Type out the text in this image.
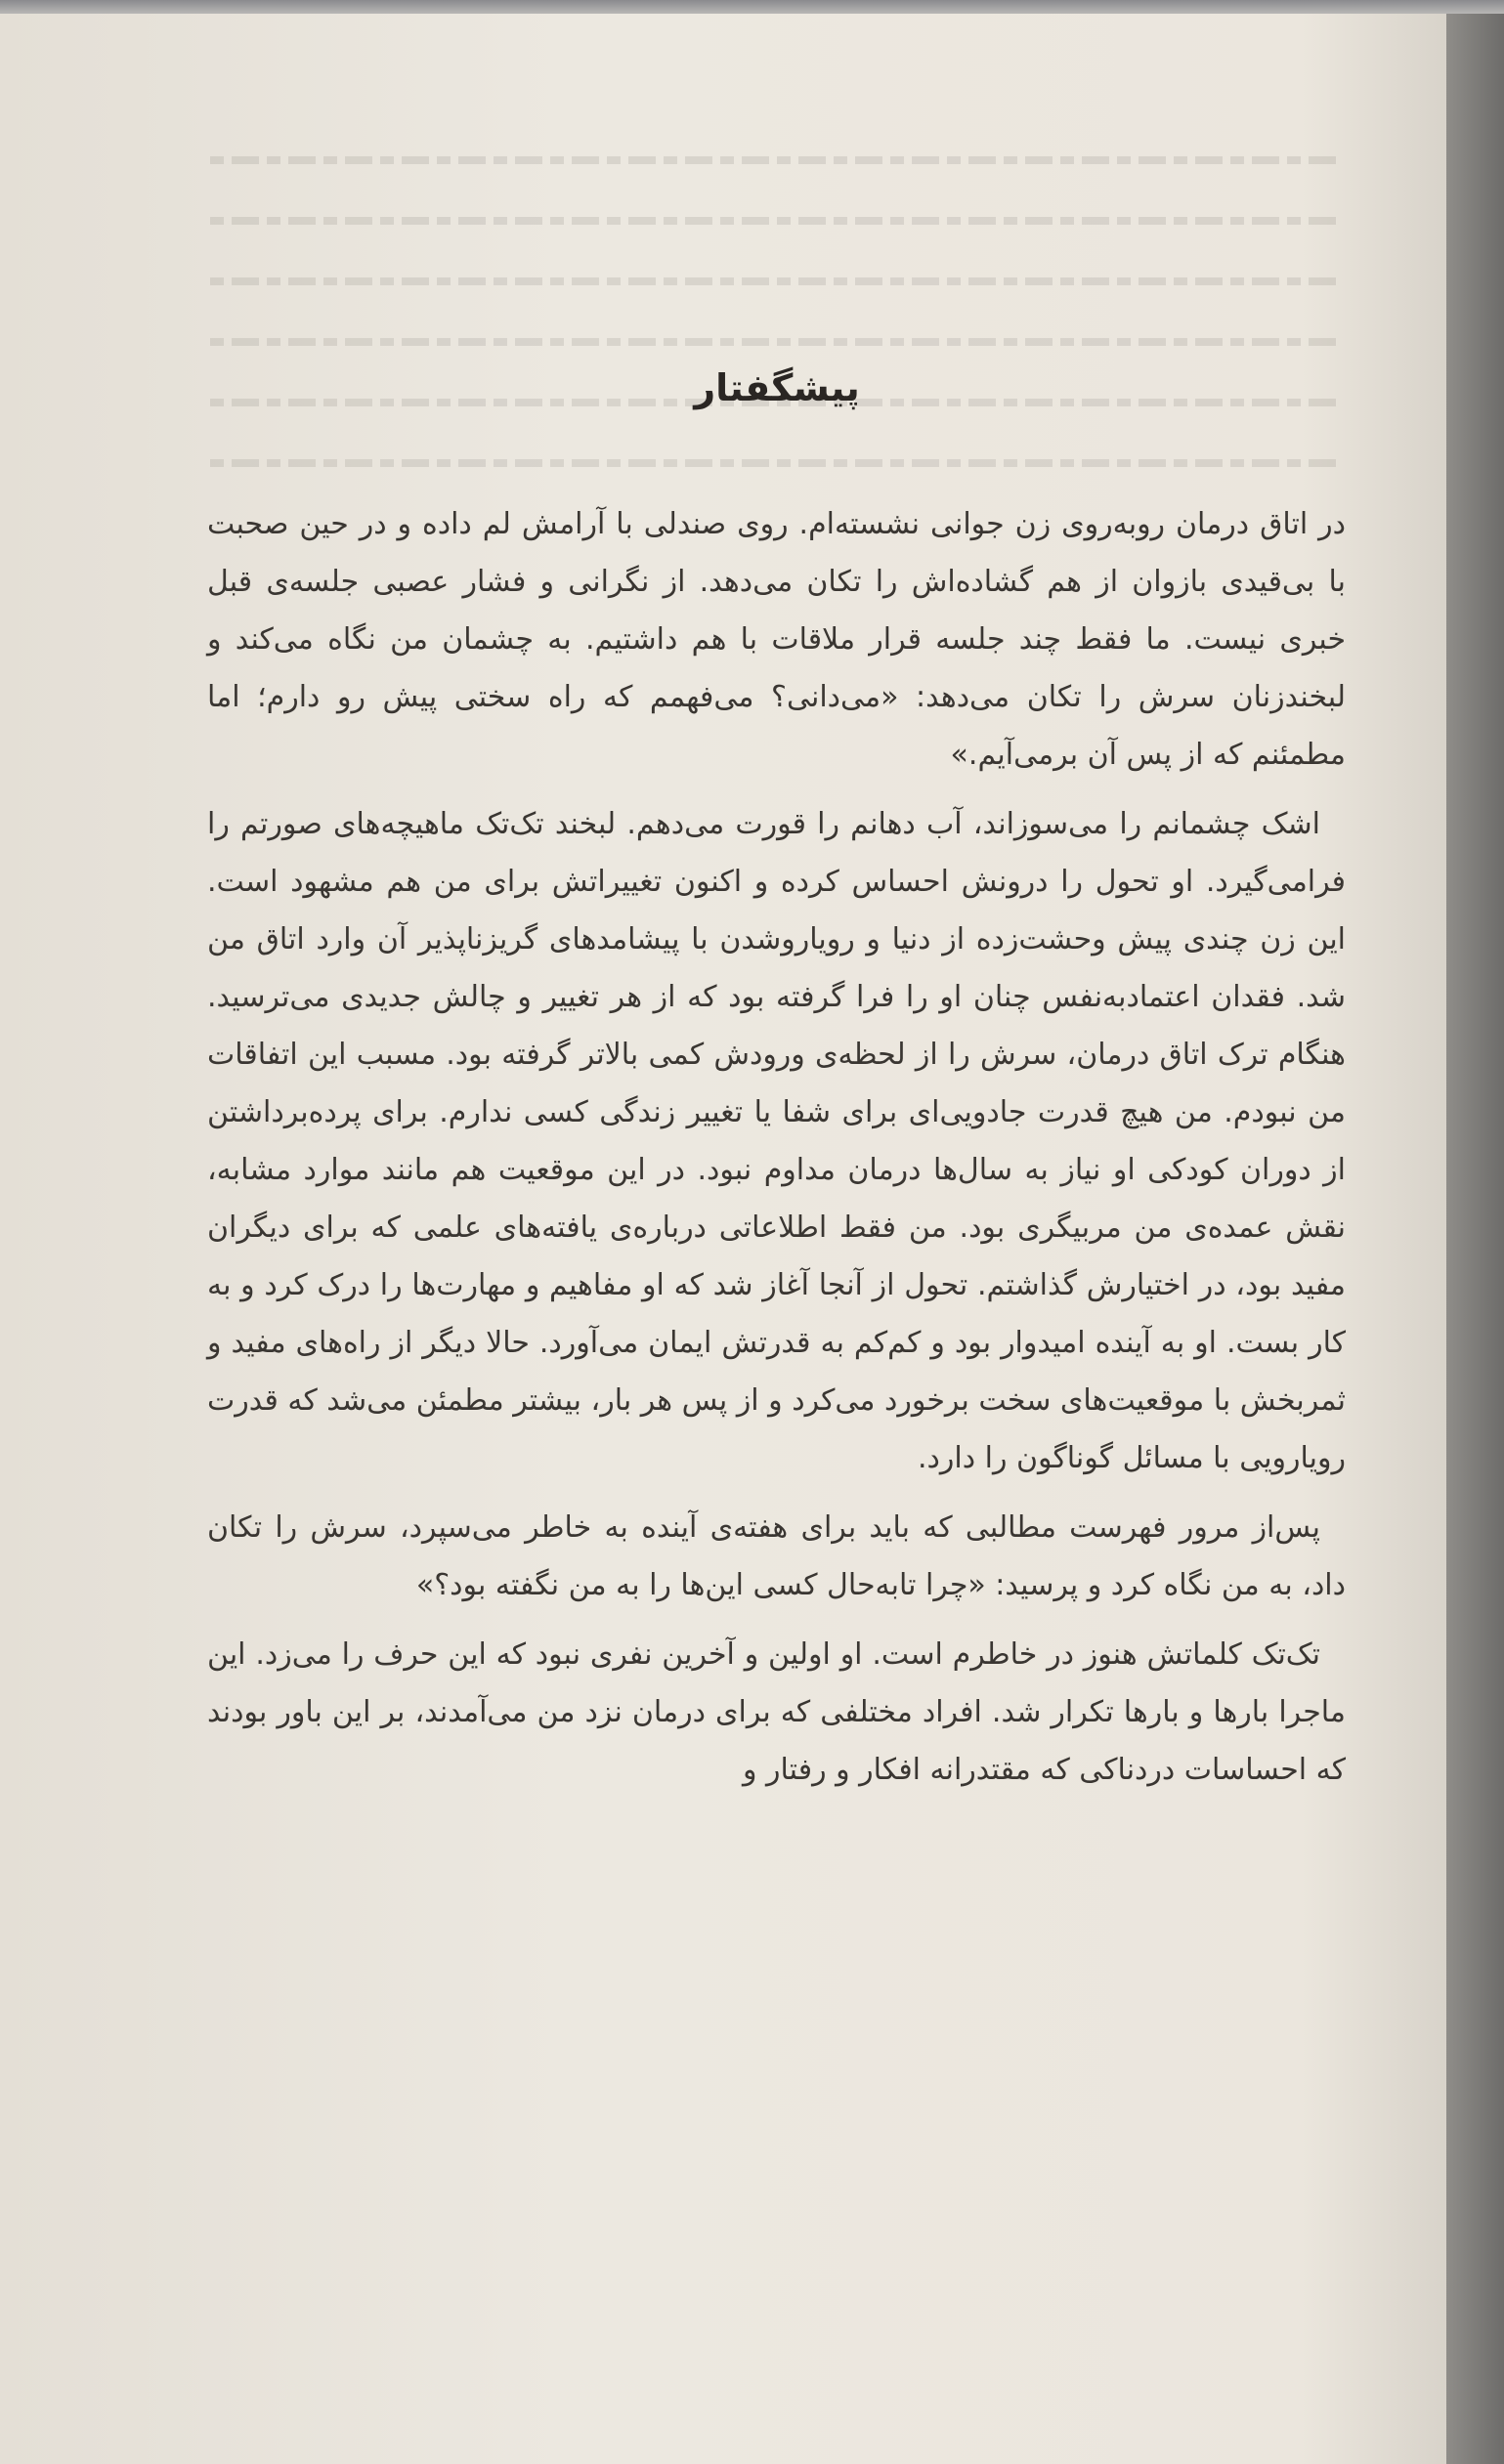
پیشگفتار

در اتاق درمان روبه‌روی زن جوانی نشسته‌ام. روی صندلی با آرامش لم داده و در حین صحبت با بی‌قیدی بازوان از هم گشاده‌اش را تکان می‌دهد. از نگرانی و فشار عصبی جلسه‌ی قبل خبری نیست. ما فقط چند جلسه قرار ملاقات با هم داشتیم. به چشمان من نگاه می‌کند و لبخندزنان سرش را تکان می‌دهد: «می‌دانی؟ می‌فهمم که راه سختی پیش رو دارم؛ اما مطمئنم که از پس آن برمی‌آیم.»

اشک چشمانم را می‌سوزاند، آب دهانم را قورت می‌دهم. لبخند تک‌تک ماهیچه‌های صورتم را فرامی‌گیرد. او تحول را درونش احساس کرده و اکنون تغییراتش برای من هم مشهود است. این زن چندی پیش وحشت‌زده از دنیا و رویاروشدن با پیشامدهای گریزناپذیر آن وارد اتاق من شد. فقدان اعتمادبه‌نفس چنان او را فرا گرفته بود که از هر تغییر و چالش جدیدی می‌ترسید. هنگام ترک اتاق درمان، سرش را از لحظه‌ی ورودش کمی بالاتر گرفته بود. مسبب این اتفاقات من نبودم. من هیچ قدرت جادویی‌ای برای شفا یا تغییر زندگی کسی ندارم. برای پرده‌برداشتن از دوران کودکی او نیاز به سال‌ها درمان مداوم نبود. در این موقعیت هم مانند موارد مشابه، نقش عمده‌ی من مربیگری بود. من فقط اطلاعاتی درباره‌ی یافته‌های علمی که برای دیگران مفید بود، در اختیارش گذاشتم. تحول از آنجا آغاز شد که او مفاهیم و مهارت‌ها را درک کرد و به کار بست. او به آینده امیدوار بود و کم‌کم به قدرتش ایمان می‌آورد. حالا دیگر از راه‌های مفید و ثمربخش با موقعیت‌های سخت برخورد می‌کرد و از پس هر بار، بیشتر مطمئن می‌شد که قدرت رویارویی با مسائل گوناگون را دارد.

پس‌از مرور فهرست مطالبی که باید برای هفته‌ی آینده به خاطر می‌سپرد، سرش را تکان داد، به من نگاه کرد و پرسید: «چرا تابه‌حال کسی این‌ها را به من نگفته بود؟»

تک‌تک کلماتش هنوز در خاطرم است. او اولین و آخرین نفری نبود که این حرف را می‌زد. این ماجرا بارها و بارها تکرار شد. افراد مختلفی که برای درمان نزد من می‌آمدند، بر این باور بودند که احساسات دردناکی که مقتدرانه افکار و رفتار و
